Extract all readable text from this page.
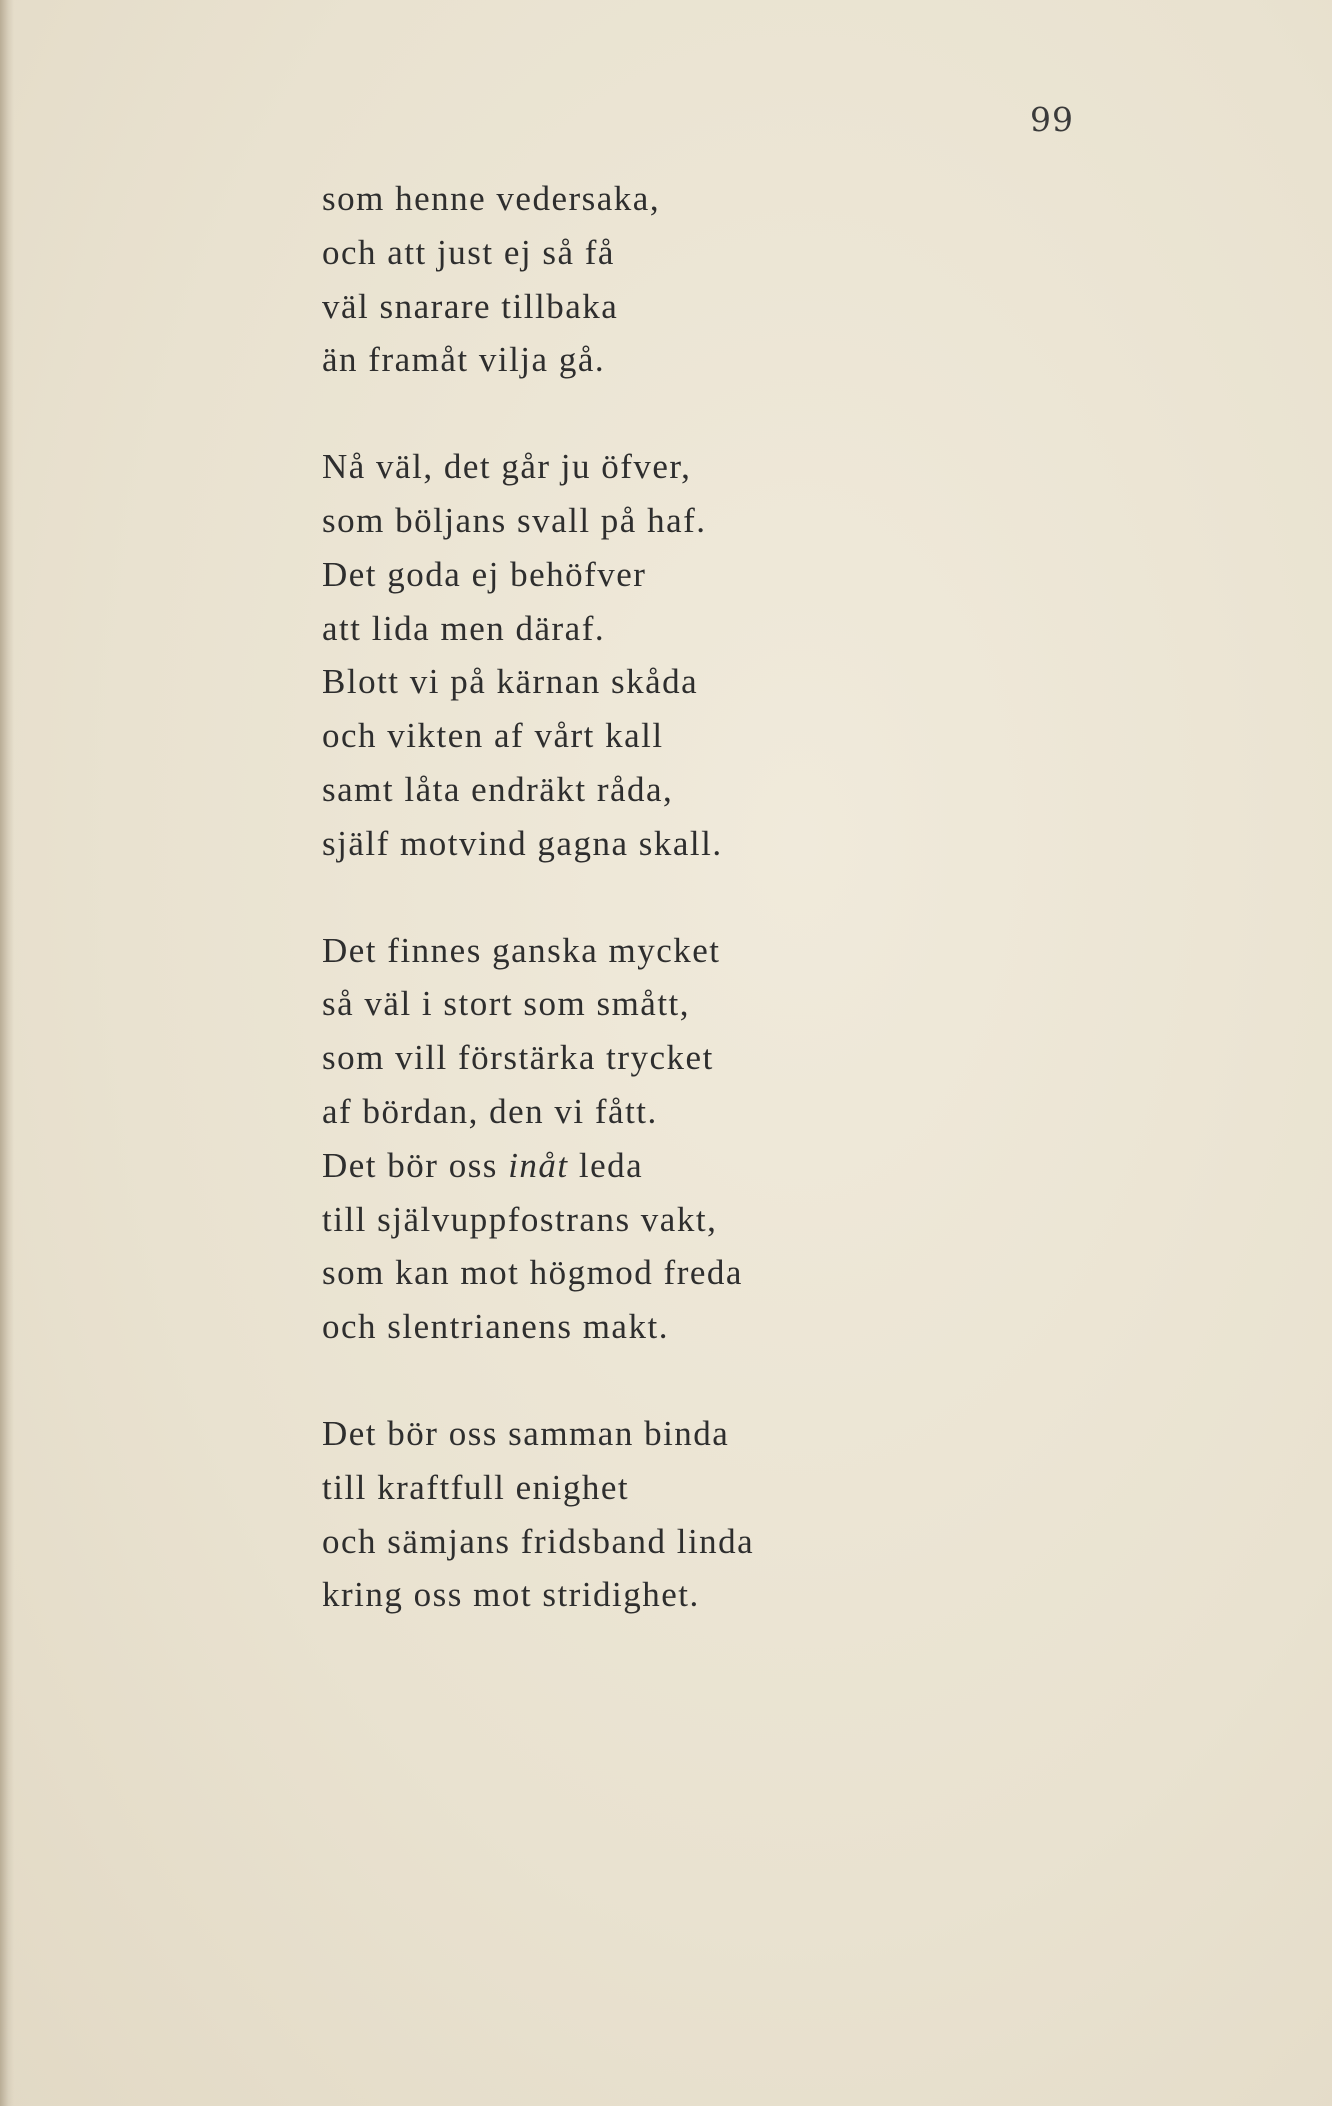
99

som henne vedersaka,
och att just ej så få
väl snarare tillbaka
än framåt vilja gå.

Nå väl, det går ju öfver,
som böljans svall på haf.
Det goda ej behöfver
att lida men däraf.
Blott vi på kärnan skåda
och vikten af vårt kall
samt låta endräkt råda,
själf motvind gagna skall.

Det finnes ganska mycket
så väl i stort som smått,
som vill förstärka trycket
af bördan, den vi fått.
Det bör oss inåt leda
till självuppfostrans vakt,
som kan mot högmod freda
och slentrianens makt.

Det bör oss samman binda
till kraftfull enighet
och sämjans fridsband linda
kring oss mot stridighet.
